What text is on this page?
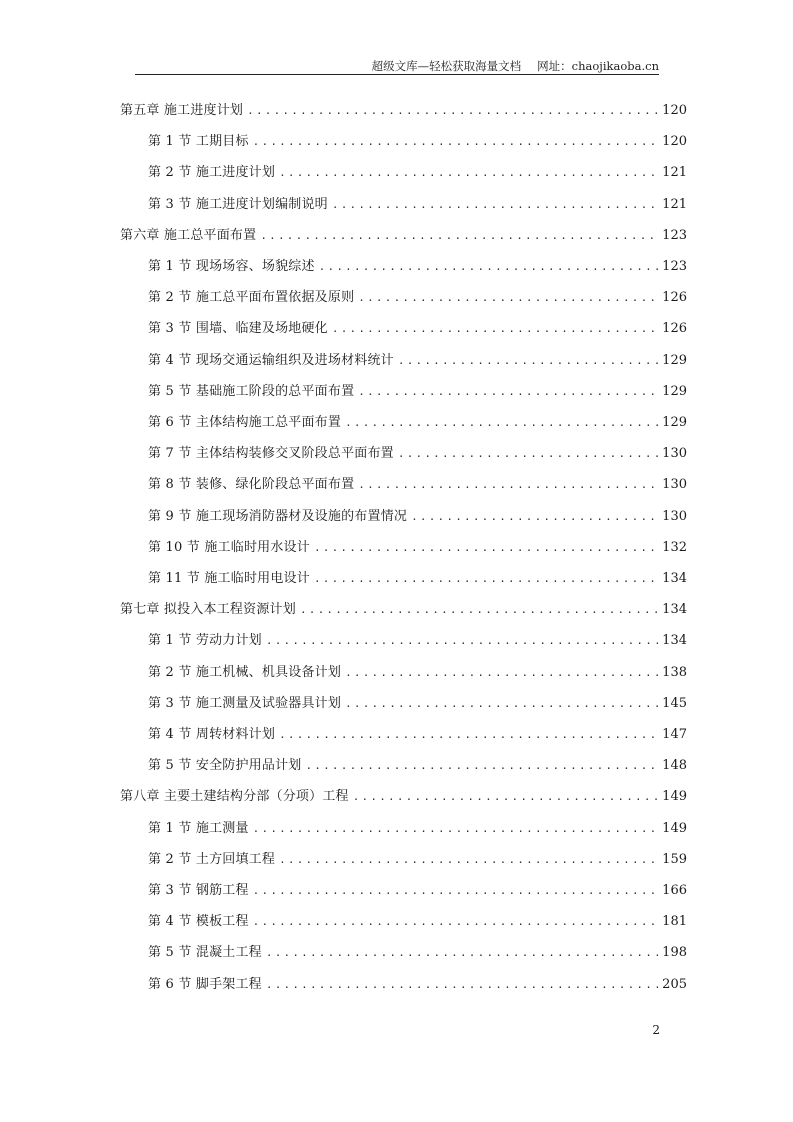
超级文库—轻松获取海量文档 网址：chaojikaoba.cn
第五章 施工进度计划 .....	120
第 1 节 工期目标 .....	120
第 2 节 施工进度计划 .....	121
第 3 节 施工进度计划编制说明 .....	121
第六章 施工总平面布置 .....	123
第 1 节 现场场容、场貌综述 .....	123
第 2 节 施工总平面布置依据及原则 .....	126
第 3 节 围墙、临建及场地硬化 .....	126
第 4 节 现场交通运输组织及进场材料统计 .....	129
第 5 节 基础施工阶段的总平面布置 .....	129
第 6 节 主体结构施工总平面布置 .....	129
第 7 节 主体结构装修交叉阶段总平面布置 .....	130
第 8 节 装修、绿化阶段总平面布置 .....	130
第 9 节 施工现场消防器材及设施的布置情况 .....	130
第 10 节 施工临时用水设计 .....	132
第 11 节 施工临时用电设计 .....	134
第七章 拟投入本工程资源计划 .....	134
第 1 节 劳动力计划 .....	134
第 2 节 施工机械、机具设备计划 .....	138
第 3 节 施工测量及试验器具计划 .....	145
第 4 节 周转材料计划 .....	147
第 5 节 安全防护用品计划 .....	148
第八章 主要土建结构分部（分项）工程 .....	149
第 1 节 施工测量 .....	149
第 2 节 土方回填工程 .....	159
第 3 节 钢筋工程 .....	166
第 4 节 模板工程 .....	181
第 5 节 混凝土工程 .....	198
第 6 节 脚手架工程 .....	205
2
